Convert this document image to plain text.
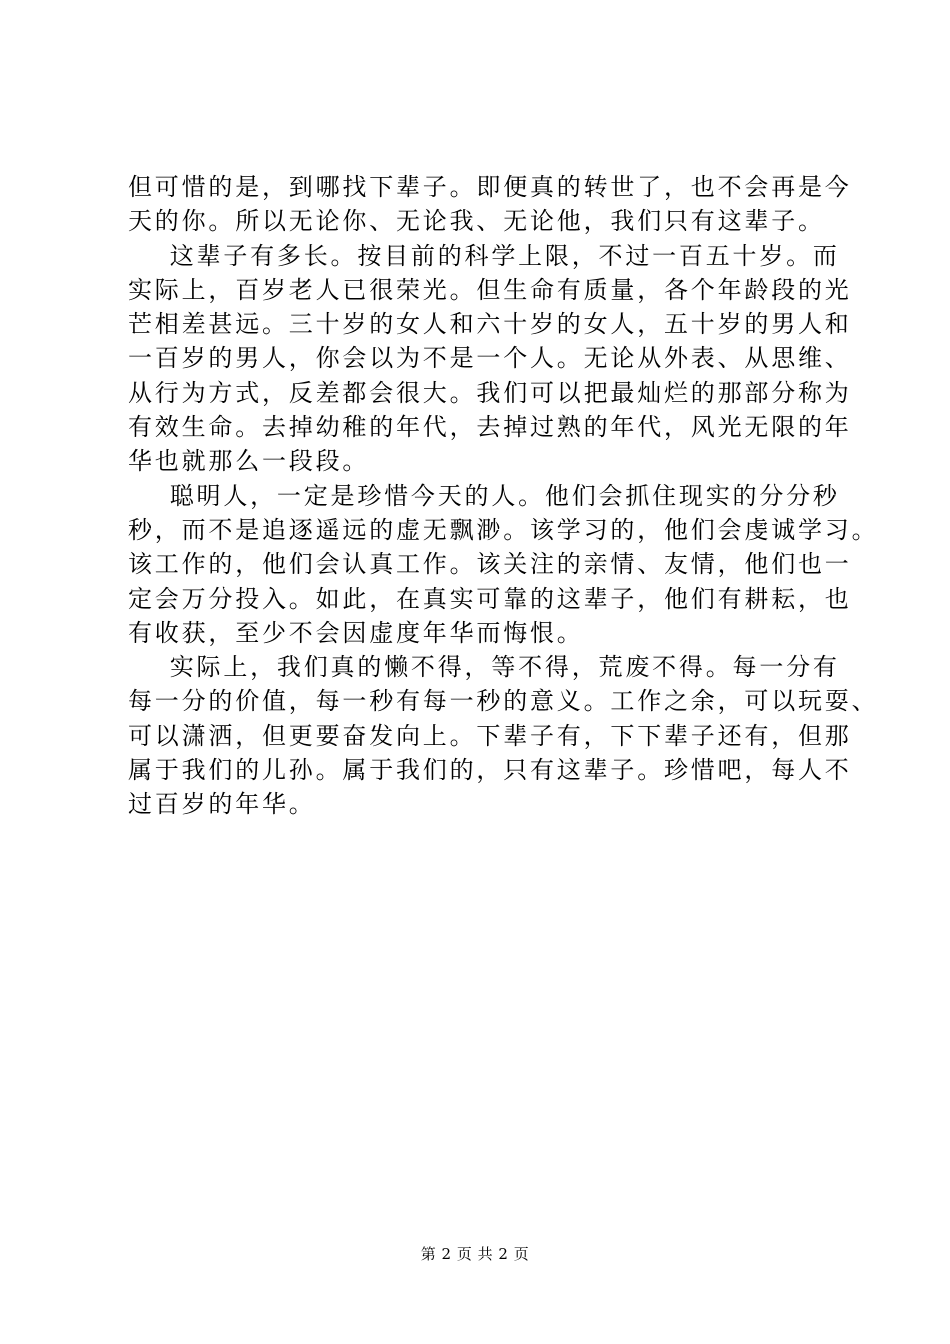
但可惜的是，到哪找下辈子。即便真的转世了，也不会再是今
天的你。所以无论你、无论我、无论他，我们只有这辈子。
这辈子有多长。按目前的科学上限，不过一百五十岁。而
实际上，百岁老人已很荣光。但生命有质量，各个年龄段的光
芒相差甚远。三十岁的女人和六十岁的女人，五十岁的男人和
一百岁的男人，你会以为不是一个人。无论从外表、从思维、
从行为方式，反差都会很大。我们可以把最灿烂的那部分称为
有效生命。去掉幼稚的年代，去掉过熟的年代，风光无限的年
华也就那么一段段。
聪明人，一定是珍惜今天的人。他们会抓住现实的分分秒
秒，而不是追逐遥远的虚无飘渺。该学习的，他们会虔诚学习。
该工作的，他们会认真工作。该关注的亲情、友情，他们也一
定会万分投入。如此，在真实可靠的这辈子，他们有耕耘，也
有收获，至少不会因虚度年华而悔恨。
实际上，我们真的懒不得，等不得，荒废不得。每一分有
每一分的价值，每一秒有每一秒的意义。工作之余，可以玩耍、
可以潇洒，但更要奋发向上。下辈子有，下下辈子还有，但那
属于我们的儿孙。属于我们的，只有这辈子。珍惜吧，每人不
过百岁的年华。
第 2 页 共 2 页
